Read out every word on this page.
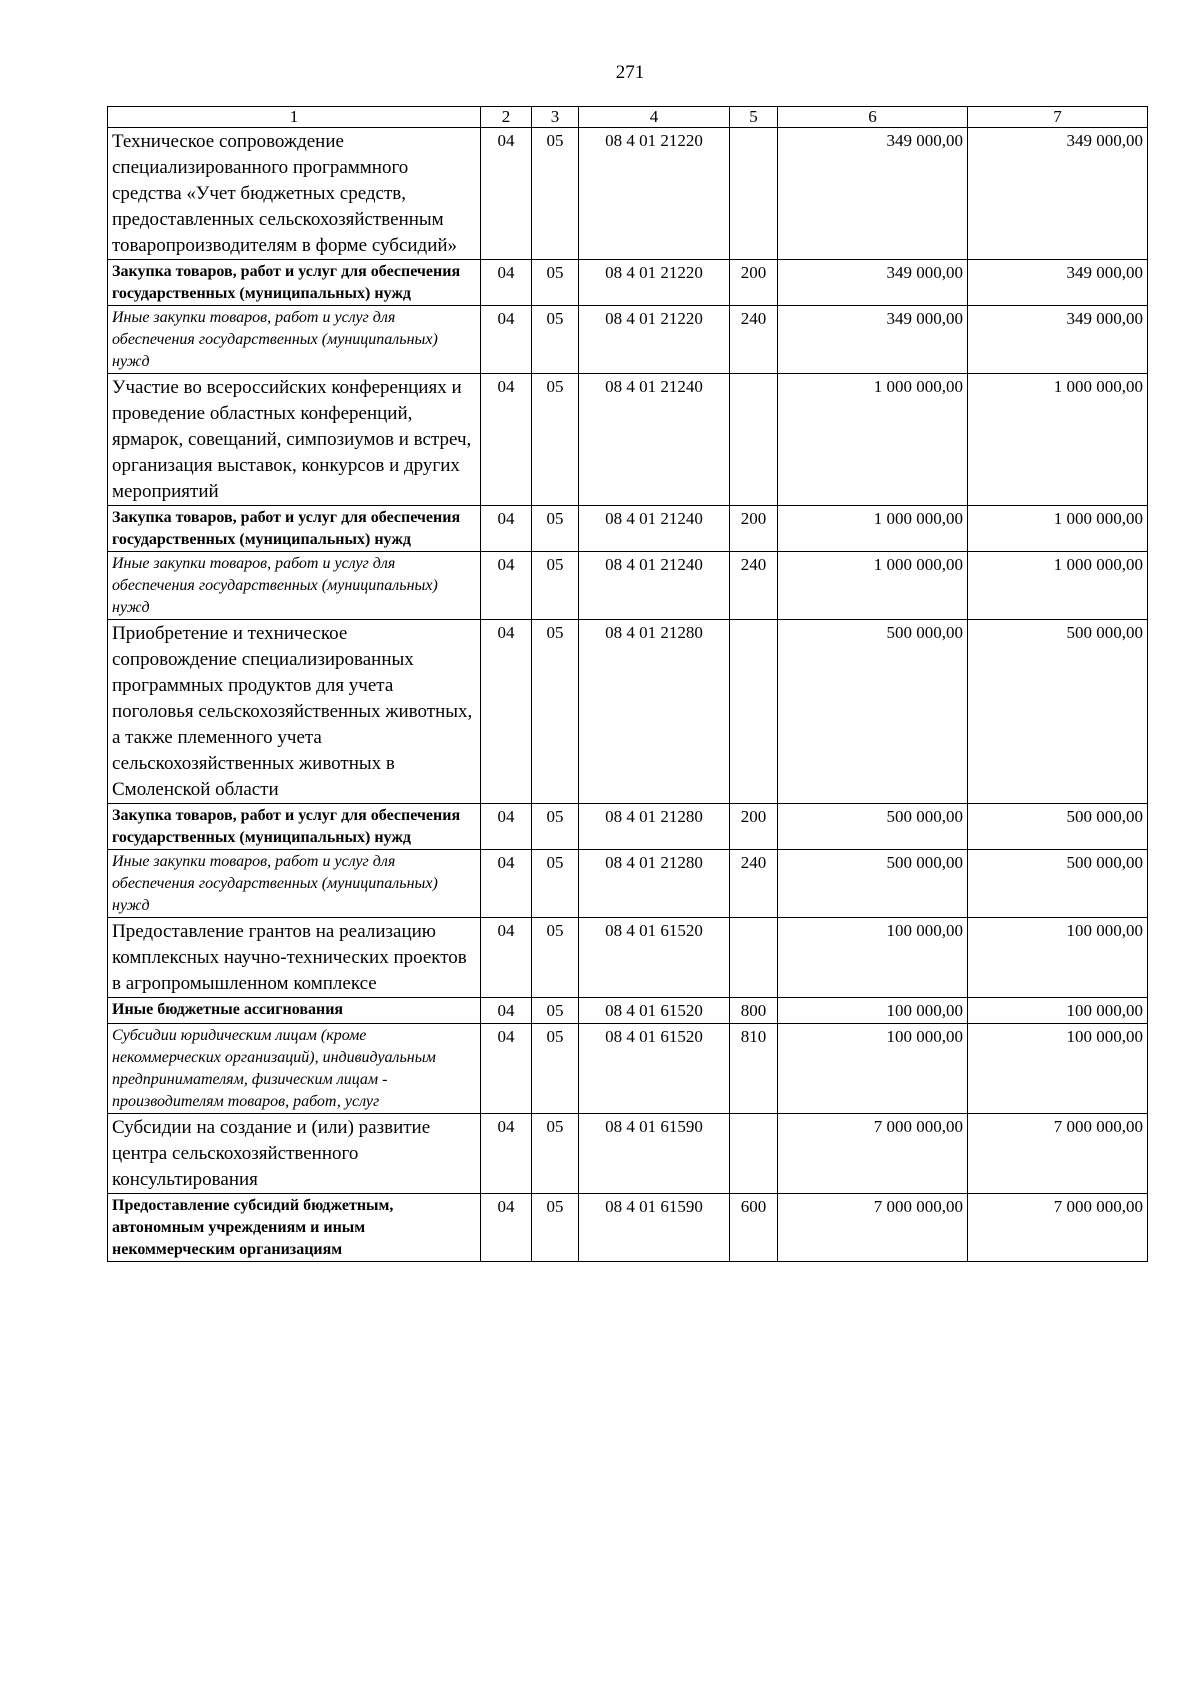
271
1	2	3	4	5	6	7
Техническое сопровождение специализированного программного средства «Учет бюджетных средств, предоставленных сельскохозяйственным товаропроизводителям в форме субсидий»	04	05	08 4 01 21220		349 000,00	349 000,00
Закупка товаров, работ и услуг для обеспечения государственных (муниципальных) нужд	04	05	08 4 01 21220	200	349 000,00	349 000,00
Иные закупки товаров, работ и услуг для обеспечения государственных (муниципальных) нужд	04	05	08 4 01 21220	240	349 000,00	349 000,00
Участие во всероссийских конференциях и проведение областных конференций, ярмарок, совещаний, симпозиумов и встреч, организация выставок, конкурсов и других мероприятий	04	05	08 4 01 21240		1 000 000,00	1 000 000,00
Закупка товаров, работ и услуг для обеспечения государственных (муниципальных) нужд	04	05	08 4 01 21240	200	1 000 000,00	1 000 000,00
Иные закупки товаров, работ и услуг для обеспечения государственных (муниципальных) нужд	04	05	08 4 01 21240	240	1 000 000,00	1 000 000,00
Приобретение и техническое сопровождение специализированных программных продуктов для учета поголовья сельскохозяйственных животных, а также племенного учета сельскохозяйственных животных в Смоленской области	04	05	08 4 01 21280		500 000,00	500 000,00
Закупка товаров, работ и услуг для обеспечения государственных (муниципальных) нужд	04	05	08 4 01 21280	200	500 000,00	500 000,00
Иные закупки товаров, работ и услуг для обеспечения государственных (муниципальных) нужд	04	05	08 4 01 21280	240	500 000,00	500 000,00
Предоставление грантов на реализацию комплексных научно-технических проектов в агропромышленном комплексе	04	05	08 4 01 61520		100 000,00	100 000,00
Иные бюджетные ассигнования	04	05	08 4 01 61520	800	100 000,00	100 000,00
Субсидии юридическим лицам (кроме некоммерческих организаций), индивидуальным предпринимателям, физическим лицам - производителям товаров, работ, услуг	04	05	08 4 01 61520	810	100 000,00	100 000,00
Субсидии на создание и (или) развитие центра сельскохозяйственного консультирования	04	05	08 4 01 61590		7 000 000,00	7 000 000,00
Предоставление субсидий бюджетным, автономным учреждениям и иным некоммерческим организациям	04	05	08 4 01 61590	600	7 000 000,00	7 000 000,00
